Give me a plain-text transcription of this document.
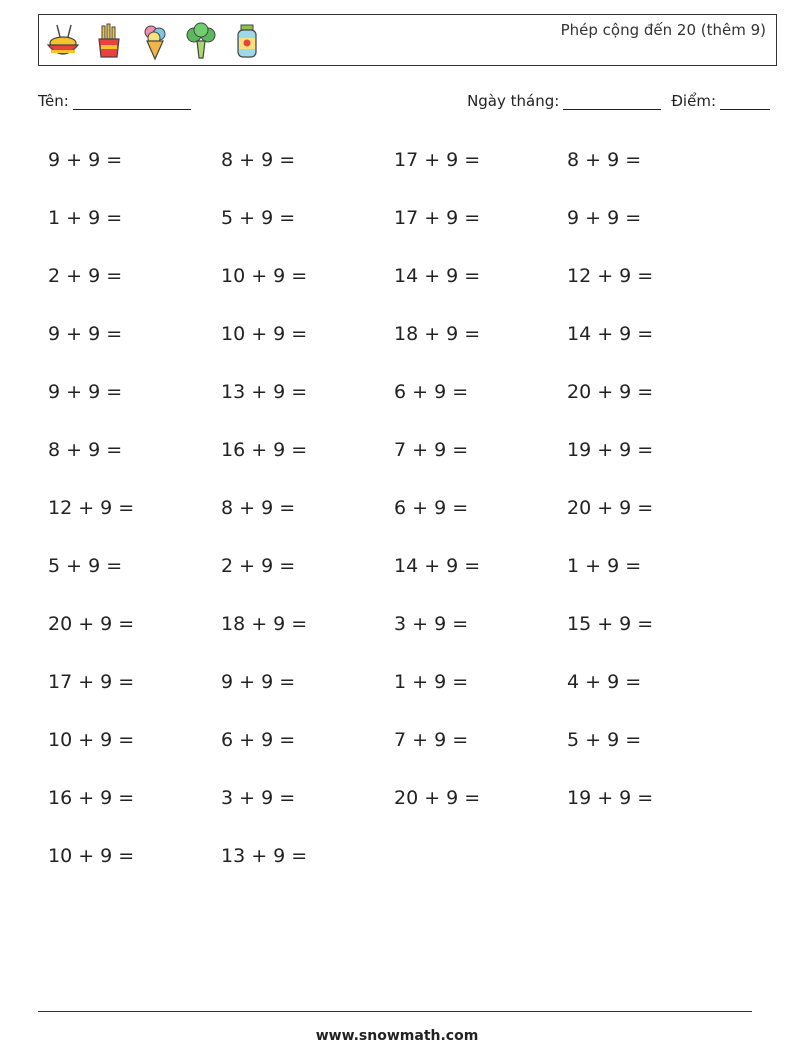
Phép cộng đến 20 (thêm 9)
Tên:	Ngày tháng:	Điểm:
9 + 9 =	8 + 9 =	17 + 9 =	8 + 9 =
1 + 9 =	5 + 9 =	17 + 9 =	9 + 9 =
2 + 9 =	10 + 9 =	14 + 9 =	12 + 9 =
9 + 9 =	10 + 9 =	18 + 9 =	14 + 9 =
9 + 9 =	13 + 9 =	6 + 9 =	20 + 9 =
8 + 9 =	16 + 9 =	7 + 9 =	19 + 9 =
12 + 9 =	8 + 9 =	6 + 9 =	20 + 9 =
5 + 9 =	2 + 9 =	14 + 9 =	1 + 9 =
20 + 9 =	18 + 9 =	3 + 9 =	15 + 9 =
17 + 9 =	9 + 9 =	1 + 9 =	4 + 9 =
10 + 9 =	6 + 9 =	7 + 9 =	5 + 9 =
16 + 9 =	3 + 9 =	20 + 9 =	19 + 9 =
10 + 9 =	13 + 9 =
www.snowmath.com
